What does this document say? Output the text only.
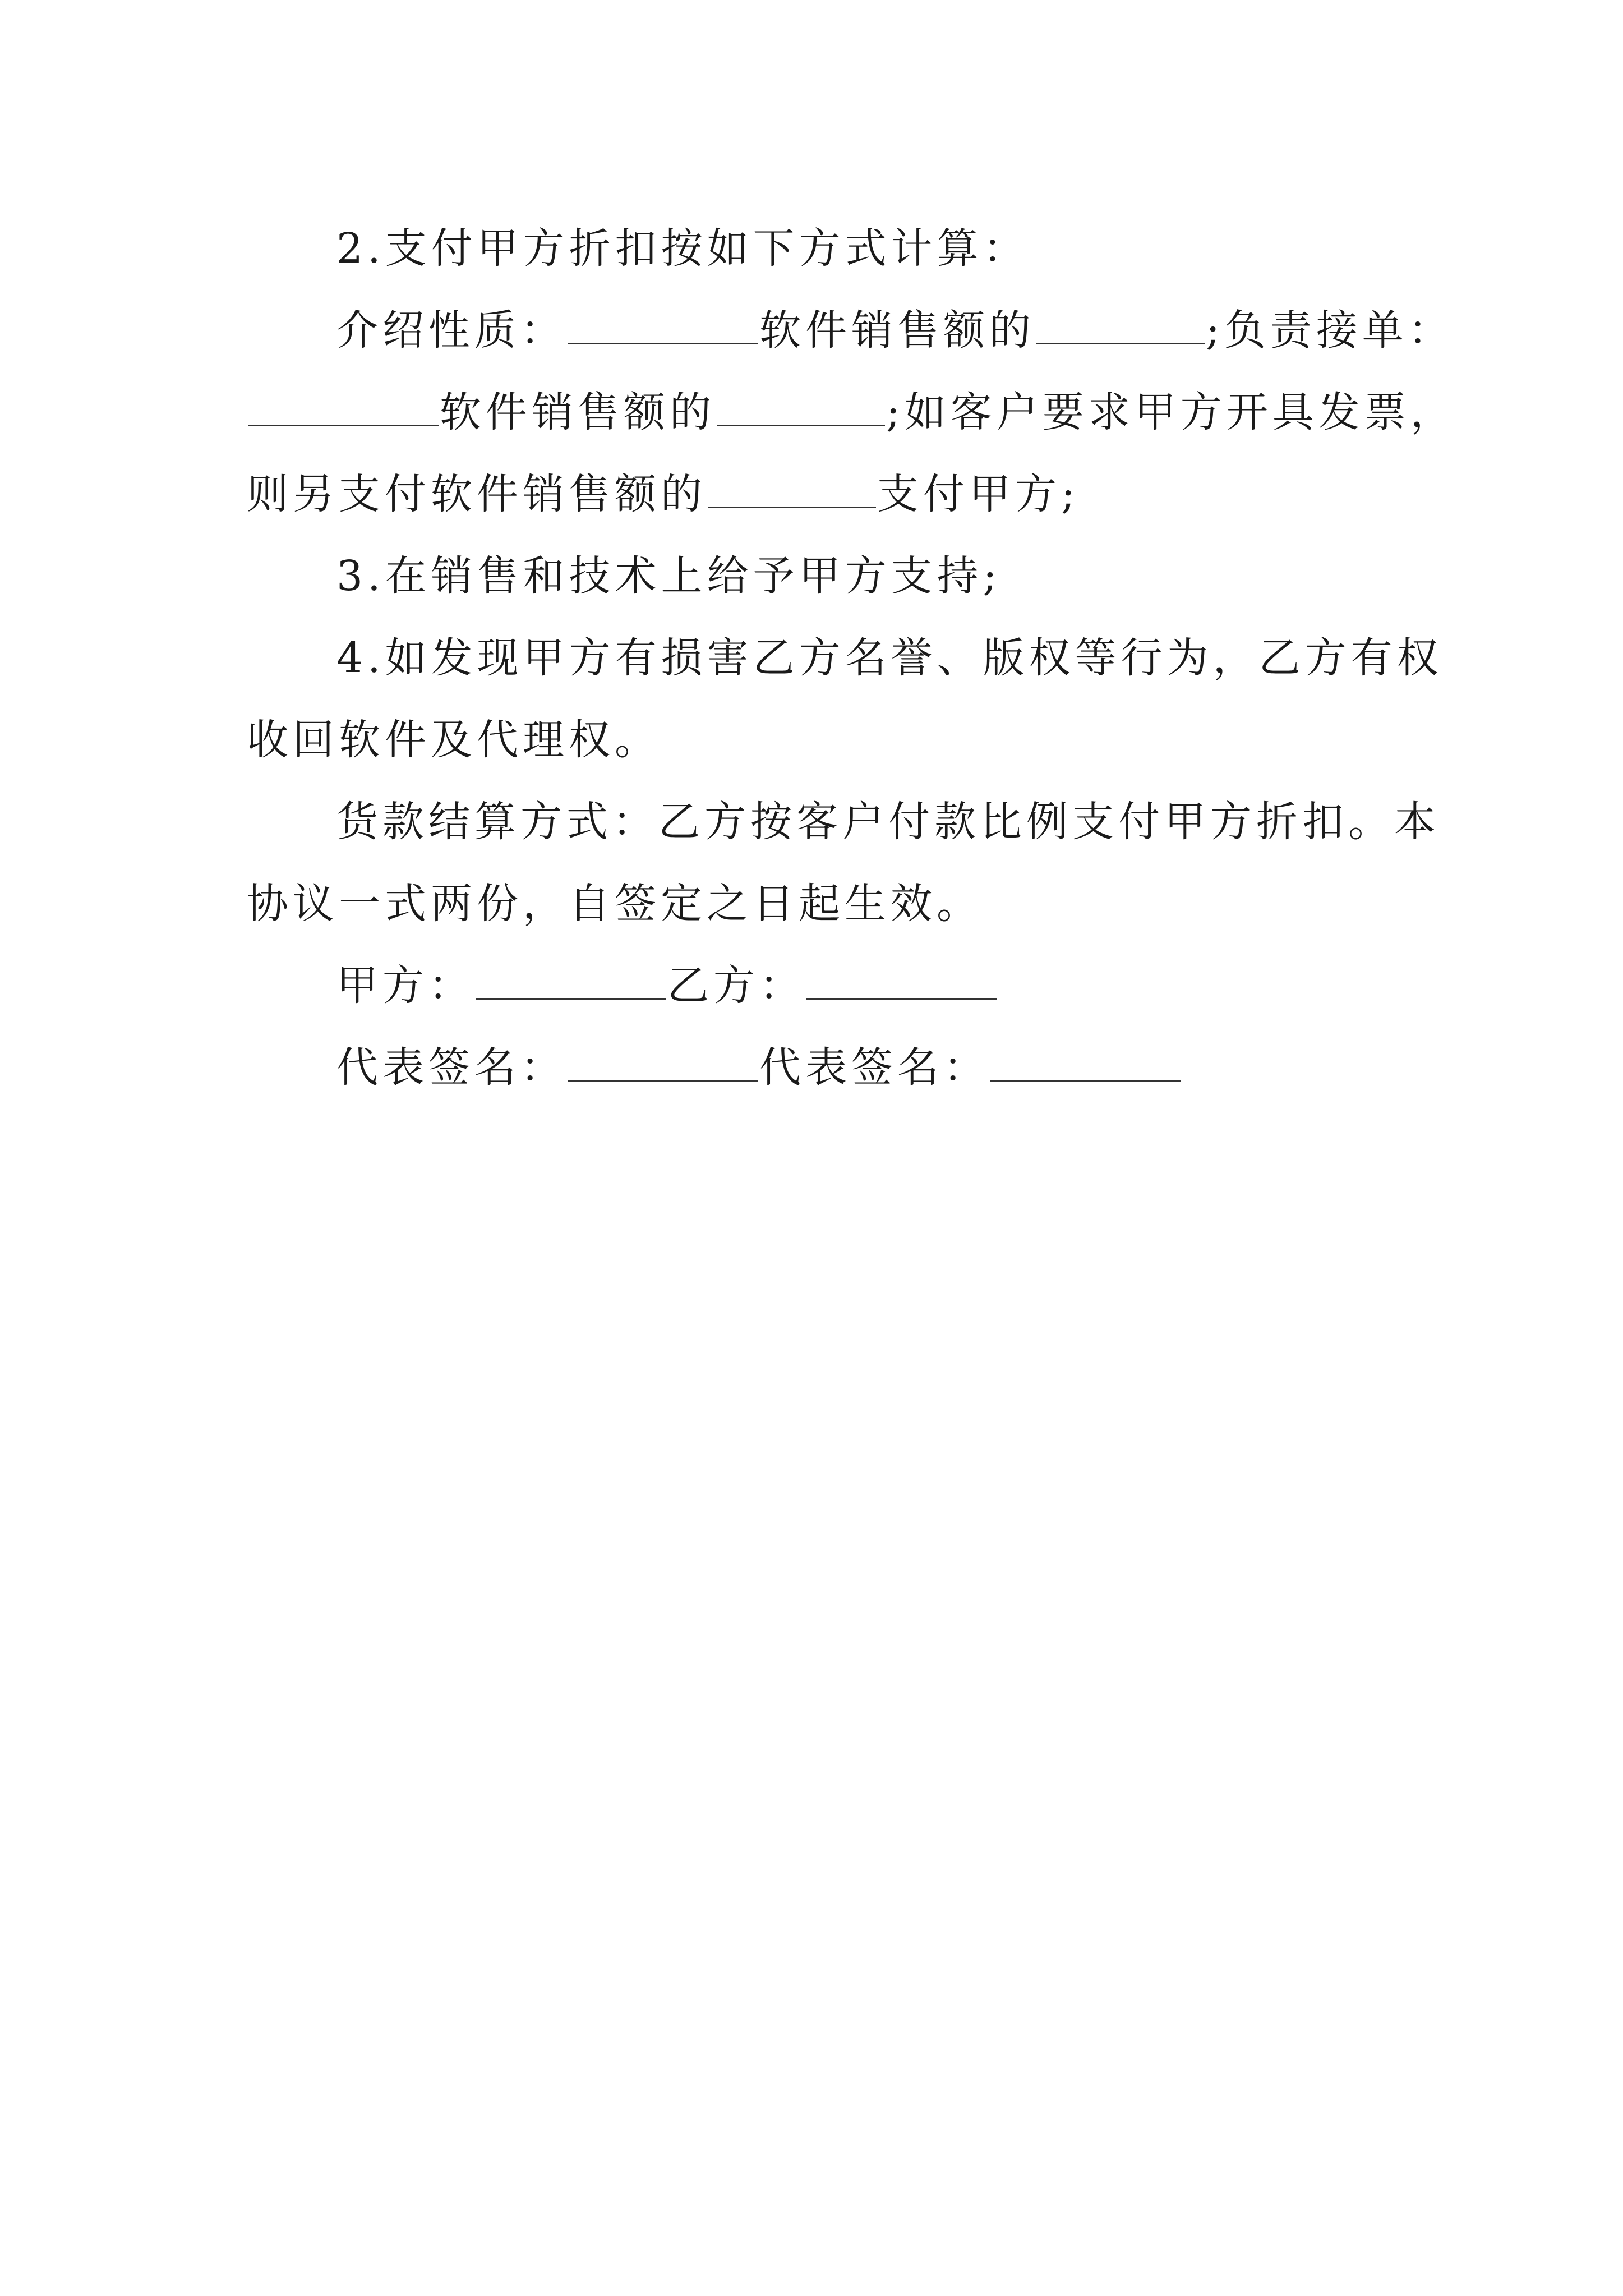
2.支付甲方折扣按如下方式计算：
介绍性质：	软件销售额的	;负责接单：
软件销售额的	;如客户要求甲方开具发票，
则另支付软件销售额的	支付甲方;
3.在销售和技术上给予甲方支持;
4.如发现甲方有损害乙方名誉、版权等行为，乙方有权
收回软件及代理权。
货款结算方式：乙方按客户付款比例支付甲方折扣。本
协议一式两份，自签定之日起生效。
甲方：	乙方：
代表签名：	代表签名：
